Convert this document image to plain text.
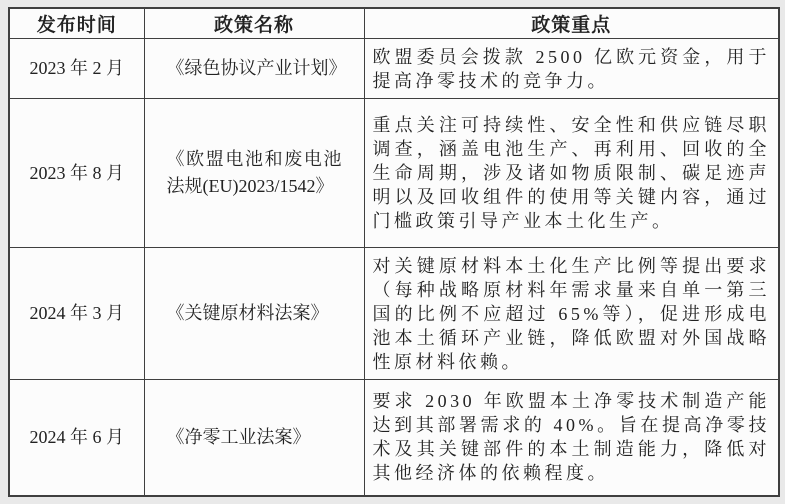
发布时间	政策名称	政策重点
2023 年 2 月	《绿色协议产业计划》	欧盟委员会拨款 2500 亿欧元资金，用于提高净零技术的竞争力。
2023 年 8 月	《欧盟电池和废电池法规(EU)2023/1542》	重点关注可持续性、安全性和供应链尽职调查，涵盖电池生产、再利用、回收的全生命周期，涉及诸如物质限制、碳足迹声明以及回收组件的使用等关键内容，通过门槛政策引导产业本土化生产。
2024 年 3 月	《关键原材料法案》	对关键原材料本土化生产比例等提出要求（每种战略原材料年需求量来自单一第三国的比例不应超过 65%等），促进形成电池本土循环产业链，降低欧盟对外国战略性原材料依赖。
2024 年 6 月	《净零工业法案》	要求 2030 年欧盟本土净零技术制造产能达到其部署需求的 40%。旨在提高净零技术及其关键部件的本土制造能力，降低对其他经济体的依赖程度。
